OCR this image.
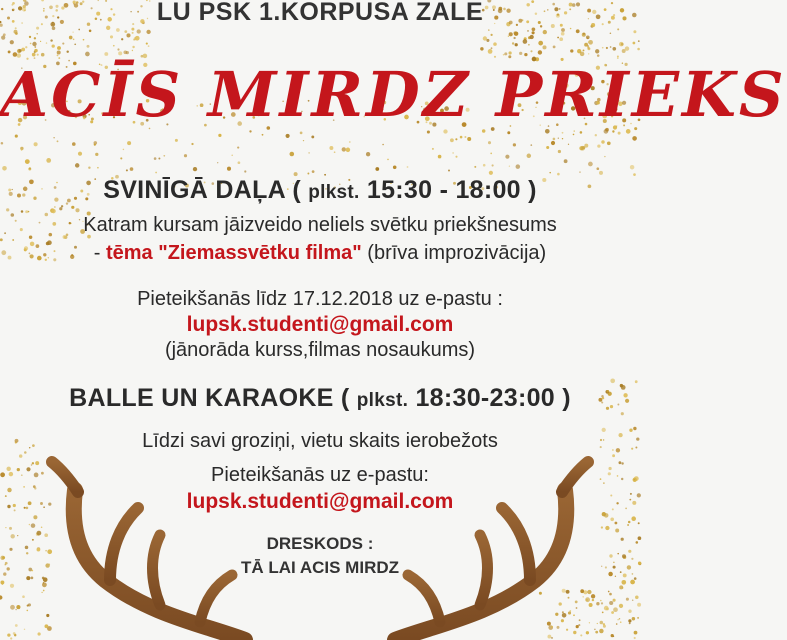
LU PSK 1.KORPUSA ZALE
ACĪS MIRDZ PRIEKS
SVINĪGĀ DAĻA ( plkst. 15:30 - 18:00 )
Katram kursam jāizveido neliels svētku priekšnesums
- tēma "Ziemassvētku filma" (brīva improzivācija)
Pieteikšanās līdz 17.12.2018 uz e-pastu :
lupsk.studenti@gmail.com
(jānorāda kurss,filmas nosaukums)
BALLE UN KARAOKE ( plkst. 18:30-23:00 )
Līdzi savi groziņi, vietu skaits ierobežots
Pieteikšanās uz e-pastu:
lupsk.studenti@gmail.com
DRESKODS :
TĀ LAI ACIS MIRDZ
